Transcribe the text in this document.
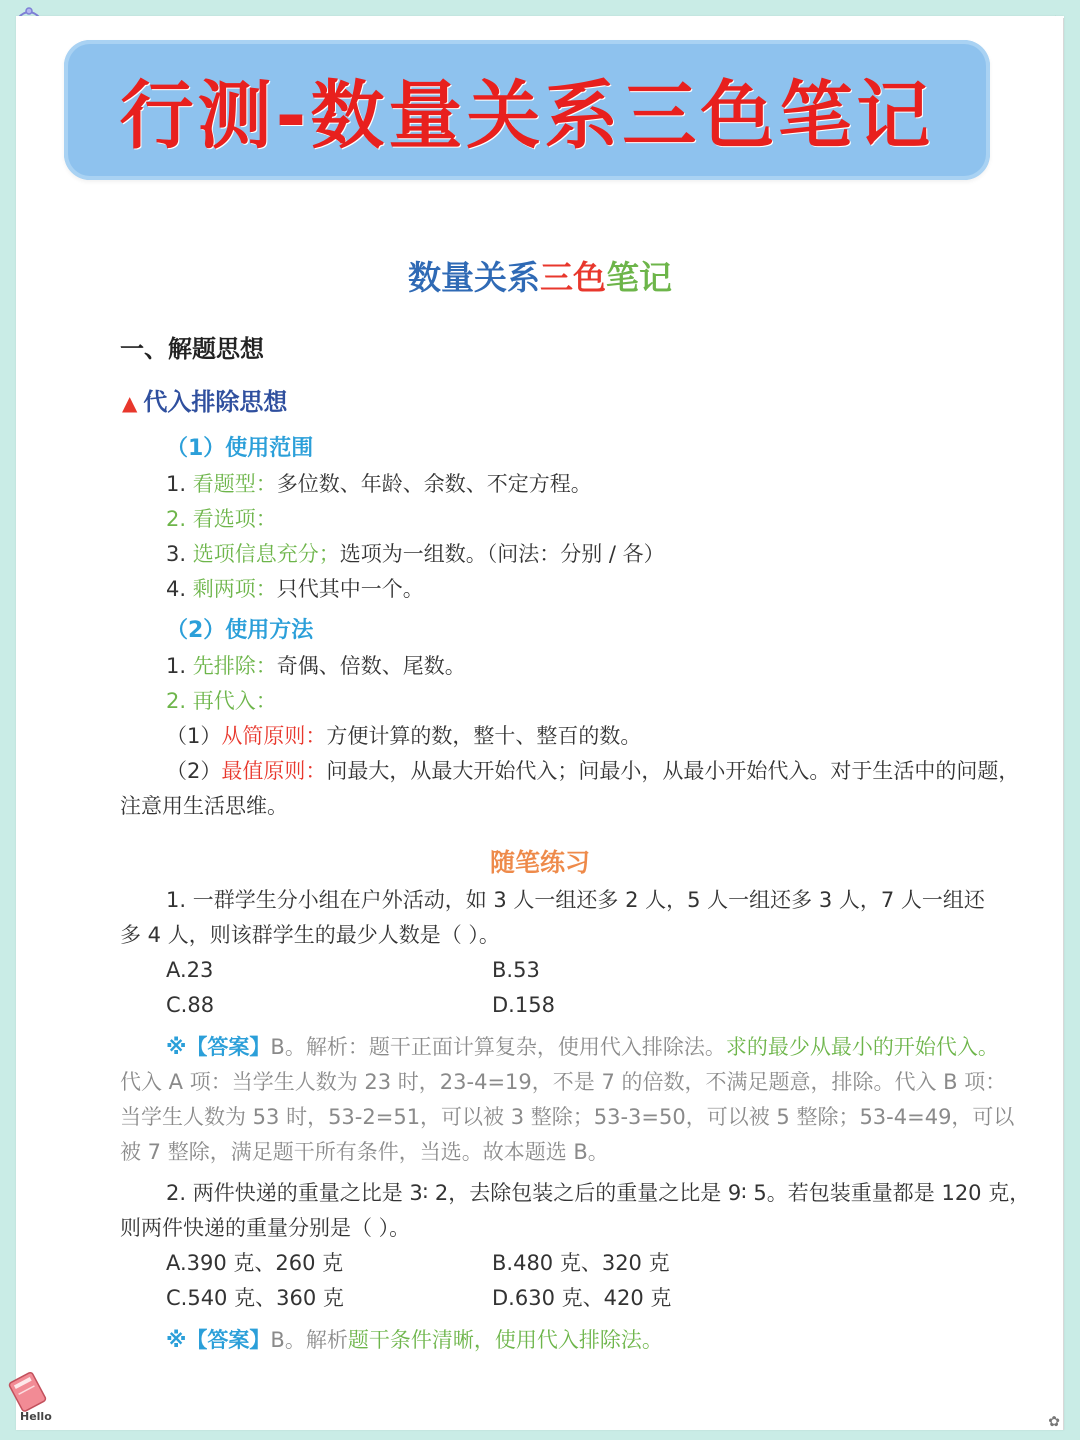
行测-数量关系三色笔记
数量关系三色笔记
一、解题思想
▲ 代入排除思想
（1）使用范围
1. 看题型：多位数、年龄、余数、不定方程。
2. 看选项：
3. 选项信息充分；选项为一组数。（问法：分别 / 各）
4. 剩两项：只代其中一个。
（2）使用方法
1. 先排除：奇偶、倍数、尾数。
2. 再代入：
（1）从简原则：方便计算的数，整十、整百的数。
（2）最值原则：问最大，从最大开始代入；问最小，从最小开始代入。对于生活中的问题，
注意用生活思维。
随笔练习
1. 一群学生分小组在户外活动，如 3 人一组还多 2 人，5 人一组还多 3 人，7 人一组还
多 4 人，则该群学生的最少人数是（ ）。
A.23	B.53
C.88	D.158
※【答案】B。解析：题干正面计算复杂，使用代入排除法。求的最少从最小的开始代入。
代入 A 项：当学生人数为 23 时，23-4=19，不是 7 的倍数，不满足题意，排除。代入 B 项：
当学生人数为 53 时，53-2=51，可以被 3 整除；53-3=50，可以被 5 整除；53-4=49，可以
被 7 整除，满足题干所有条件，当选。故本题选 B。
2. 两件快递的重量之比是 3∶ 2，去除包装之后的重量之比是 9∶ 5。若包装重量都是 120 克，
则两件快递的重量分别是（ ）。
A.390 克、260 克	B.480 克、320 克
C.540 克、360 克	D.630 克、420 克
※【答案】B。解析题干条件清晰，使用代入排除法。
Hello	✿
